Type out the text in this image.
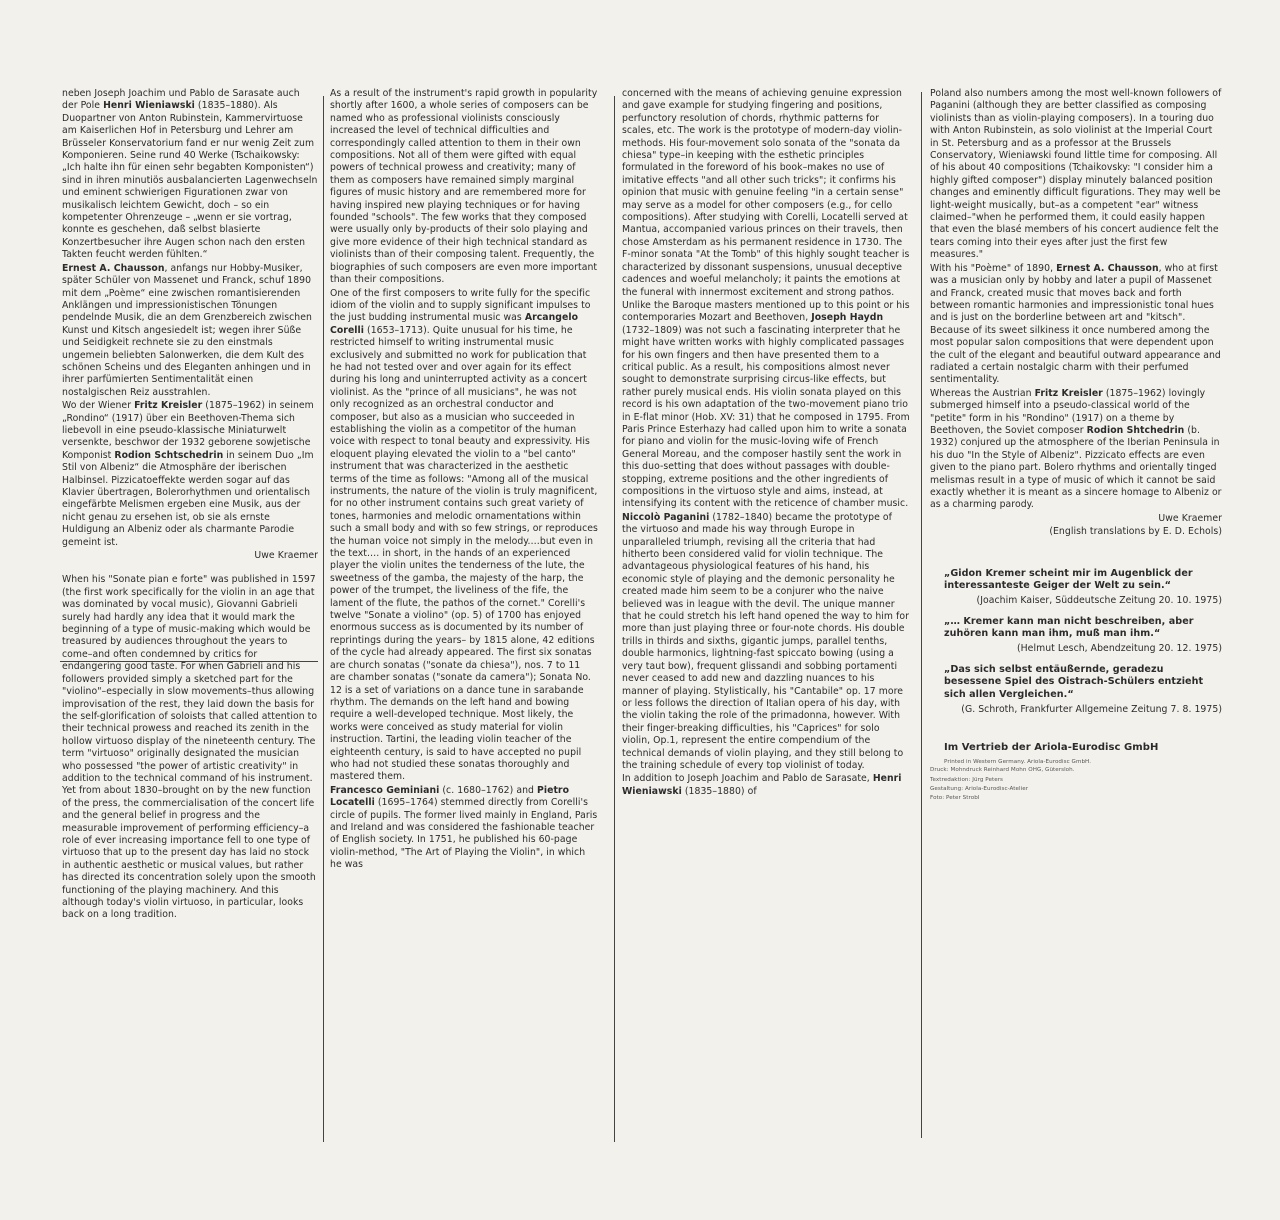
neben Joseph Joachim und Pablo de Sarasate auch der Pole Henri Wieniawski (1835–1880). Als Duopartner von Anton Rubinstein, Kammervirtuose am Kaiserlichen Hof in Petersburg und Lehrer am Brüsseler Konservatorium fand er nur wenig Zeit zum Komponieren. Seine rund 40 Werke (Tschaikowsky: „Ich halte ihn für einen sehr begabten Komponisten“) sind in ihren minutiös ausbalancierten Lagenwechseln und eminent schwierigen Figurationen zwar von musikalisch leichtem Gewicht, doch – so ein kompetenter Ohrenzeuge – „wenn er sie vortrag, konnte es geschehen, daß selbst blasierte Konzertbesucher ihre Augen schon nach den ersten Takten feucht werden fühlten.“

Ernest A. Chausson, anfangs nur Hobby-Musiker, später Schüler von Massenet und Franck, schuf 1890 mit dem „Poème“ eine zwischen romantisierenden Anklängen und impressionistischen Tönungen pendelnde Musik, die an dem Grenzbereich zwischen Kunst und Kitsch angesiedelt ist; wegen ihrer Süße und Seidigkeit rechnete sie zu den einstmals ungemein beliebten Salonwerken, die dem Kult des schönen Scheins und des Eleganten anhingen und in ihrer parfümierten Sentimentalität einen nostalgischen Reiz ausstrahlen.

Wo der Wiener Fritz Kreisler (1875–1962) in seinem „Rondino“ (1917) über ein Beethoven-Thema sich liebevoll in eine pseudo-klassische Miniaturwelt versenkte, beschwor der 1932 geborene sowjetische Komponist Rodion Schtschedrin in seinem Duo „Im Stil von Albeniz“ die Atmosphäre der iberischen Halbinsel. Pizzicatoeffekte werden sogar auf das Klavier übertragen, Bolerorhythmen und orientalisch eingefärbte Melismen ergeben eine Musik, aus der nicht genau zu ersehen ist, ob sie als ernste Huldigung an Albeniz oder als charmante Parodie gemeint ist.

Uwe Kraemer

When his "Sonate pian e forte" was published in 1597 (the first work specifically for the violin in an age that was dominated by vocal music), Giovanni Gabrieli surely had hardly any idea that it would mark the beginning of a type of music-making which would be treasured by audiences throughout the years to come–and often condemned by critics for endangering good taste. For when Gabrieli and his followers provided simply a sketched part for the "violino"–especially in slow movements–thus allowing improvisation of the rest, they laid down the basis for the self-glorification of soloists that called attention to their technical prowess and reached its zenith in the hollow virtuoso display of the nineteenth century. The term "virtuoso" originally designated the musician who possessed "the power of artistic creativity" in addition to the technical command of his instrument. Yet from about 1830–brought on by the new function of the press, the commercialisation of the concert life and the general belief in progress and the measurable improvement of performing efficiency–a role of ever increasing importance fell to one type of virtuoso that up to the present day has laid no stock in authentic aesthetic or musical values, but rather has directed its concentration solely upon the smooth functioning of the playing machinery. And this although today's violin virtuoso, in particular, looks back on a long tradition.

As a result of the instrument's rapid growth in popularity shortly after 1600, a whole series of composers can be named who as professional violinists consciously increased the level of technical difficulties and correspondingly called attention to them in their own compositions. Not all of them were gifted with equal powers of technical prowess and creativity; many of them as composers have remained simply marginal figures of music history and are remembered more for having inspired new playing techniques or for having founded "schools". The few works that they composed were usually only by-products of their solo playing and give more evidence of their high technical standard as violinists than of their composing talent. Frequently, the biographies of such composers are even more important than their compositions.

One of the first composers to write fully for the specific idiom of the violin and to supply significant impulses to the just budding instrumental music was Arcangelo Corelli (1653–1713). Quite unusual for his time, he restricted himself to writing instrumental music exclusively and submitted no work for publication that he had not tested over and over again for its effect during his long and uninterrupted activity as a concert violinist. As the "prince of all musicians", he was not only recognized as an orchestral conductor and composer, but also as a musician who succeeded in establishing the violin as a competitor of the human voice with respect to tonal beauty and expressivity. His eloquent playing elevated the violin to a "bel canto" instrument that was characterized in the aesthetic terms of the time as follows: "Among all of the musical instruments, the nature of the violin is truly magnificent, for no other instrument contains such great variety of tones, harmonies and melodic ornamentations within such a small body and with so few strings, or reproduces the human voice not simply in the melody.…but even in the text.… in short, in the hands of an experienced player the violin unites the tenderness of the lute, the sweetness of the gamba, the majesty of the harp, the power of the trumpet, the liveliness of the fife, the lament of the flute, the pathos of the cornet." Corelli's twelve "Sonate a violino" (op. 5) of 1700 has enjoyed enormous success as is documented by its number of reprintings during the years– by 1815 alone, 42 editions of the cycle had already appeared. The first six sonatas are church sonatas ("sonate da chiesa"), nos. 7 to 11 are chamber sonatas ("sonate da camera"); Sonata No. 12 is a set of variations on a dance tune in sarabande rhythm. The demands on the left hand and bowing require a well-developed technique. Most likely, the works were conceived as study material for violin instruction. Tartini, the leading violin teacher of the eighteenth century, is said to have accepted no pupil who had not studied these sonatas thoroughly and mastered them.

Francesco Geminiani (c. 1680–1762) and Pietro Locatelli (1695–1764) stemmed directly from Corelli's circle of pupils. The former lived mainly in England, Paris and Ireland and was considered the fashionable teacher of English society. In 1751, he published his 60-page violin-method, "The Art of Playing the Violin", in which he was

concerned with the means of achieving genuine expression and gave example for studying fingering and positions, perfunctory resolution of chords, rhythmic patterns for scales, etc. The work is the prototype of modern-day violin-methods. His four-movement solo sonata of the "sonata da chiesa" type–in keeping with the esthetic principles formulated in the foreword of his book–makes no use of imitative effects "and all other such tricks"; it confirms his opinion that music with genuine feeling "in a certain sense" may serve as a model for other composers (e.g., for cello compositions). After studying with Corelli, Locatelli served at Mantua, accompanied various princes on their travels, then chose Amsterdam as his permanent residence in 1730. The F-minor sonata "At the Tomb" of this highly sought teacher is characterized by dissonant suspensions, unusual deceptive cadences and woeful melancholy; it paints the emotions at the funeral with innermost excitement and strong pathos.

Unlike the Baroque masters mentioned up to this point or his contemporaries Mozart and Beethoven, Joseph Haydn (1732–1809) was not such a fascinating interpreter that he might have written works with highly complicated passages for his own fingers and then have presented them to a critical public. As a result, his compositions almost never sought to demonstrate surprising circus-like effects, but rather purely musical ends. His violin sonata played on this record is his own adaptation of the two-movement piano trio in E-flat minor (Hob. XV: 31) that he composed in 1795. From Paris Prince Esterhazy had called upon him to write a sonata for piano and violin for the music-loving wife of French General Moreau, and the composer hastily sent the work in this duo-setting that does without passages with double-stopping, extreme positions and the other ingredients of compositions in the virtuoso style and aims, instead, at intensifying its content with the reticence of chamber music.

Niccolò Paganini (1782–1840) became the prototype of the virtuoso and made his way through Europe in unparalleled triumph, revising all the criteria that had hitherto been considered valid for violin technique. The advantageous physiological features of his hand, his economic style of playing and the demonic personality he created made him seem to be a conjurer who the naive believed was in league with the devil. The unique manner that he could stretch his left hand opened the way to him for more than just playing three or four-note chords. His double trills in thirds and sixths, gigantic jumps, parallel tenths, double harmonics, lightning-fast spiccato bowing (using a very taut bow), frequent glissandi and sobbing portamenti never ceased to add new and dazzling nuances to his manner of playing. Stylistically, his "Cantabile" op. 17 more or less follows the direction of Italian opera of his day, with the violin taking the role of the primadonna, however. With their finger-breaking difficulties, his "Caprices" for solo violin, Op.1, represent the entire compendium of the technical demands of violin playing, and they still belong to the training schedule of every top violinist of today.

In addition to Joseph Joachim and Pablo de Sarasate, Henri Wieniawski (1835–1880) of

Poland also numbers among the most well-known followers of Paganini (although they are better classified as composing violinists than as violin-playing composers). In a touring duo with Anton Rubinstein, as solo violinist at the Imperial Court in St. Petersburg and as a professor at the Brussels Conservatory, Wieniawski found little time for composing. All of his about 40 compositions (Tchaikovsky: "I consider him a highly gifted composer") display minutely balanced position changes and eminently difficult figurations. They may well be light-weight musically, but–as a competent "ear" witness claimed–"when he performed them, it could easily happen that even the blasé members of his concert audience felt the tears coming into their eyes after just the first few measures."

With his "Poème" of 1890, Ernest A. Chausson, who at first was a musician only by hobby and later a pupil of Massenet and Franck, created music that moves back and forth between romantic harmonies and impressionistic tonal hues and is just on the borderline between art and "kitsch". Because of its sweet silkiness it once numbered among the most popular salon compositions that were dependent upon the cult of the elegant and beautiful outward appearance and radiated a certain nostalgic charm with their perfumed sentimentality.

Whereas the Austrian Fritz Kreisler (1875–1962) lovingly submerged himself into a pseudo-classical world of the "petite" form in his "Rondino" (1917) on a theme by Beethoven, the Soviet composer Rodion Shtchedrin (b. 1932) conjured up the atmosphere of the Iberian Peninsula in his duo "In the Style of Albeniz". Pizzicato effects are even given to the piano part. Bolero rhythms and orientally tinged melismas result in a type of music of which it cannot be said exactly whether it is meant as a sincere homage to Albeniz or as a charming parody.

Uwe Kraemer

(English translations by E. D. Echols)

„Gidon Kremer scheint mir im Augenblick der interessanteste Geiger der Welt zu sein.“

(Joachim Kaiser, Süddeutsche Zeitung 20. 10. 1975)

„… Kremer kann man nicht beschreiben, aber zuhören kann man ihm, muß man ihm.“

(Helmut Lesch, Abendzeitung 20. 12. 1975)

„Das sich selbst entäußernde, geradezu besessene Spiel des Oistrach-Schülers entzieht sich allen Vergleichen.“

(G. Schroth, Frankfurter Allgemeine Zeitung 7. 8. 1975)

Im Vertrieb der Ariola-Eurodisc GmbH

Printed in Western Germany. Ariola-Eurodisc GmbH.

Druck: Mohndruck Reinhard Mohn OHG, Gütersloh.

Textredaktion: Jürg Peters

Gestaltung: Ariola-Eurodisc-Atelier

Foto: Peter Strobl
